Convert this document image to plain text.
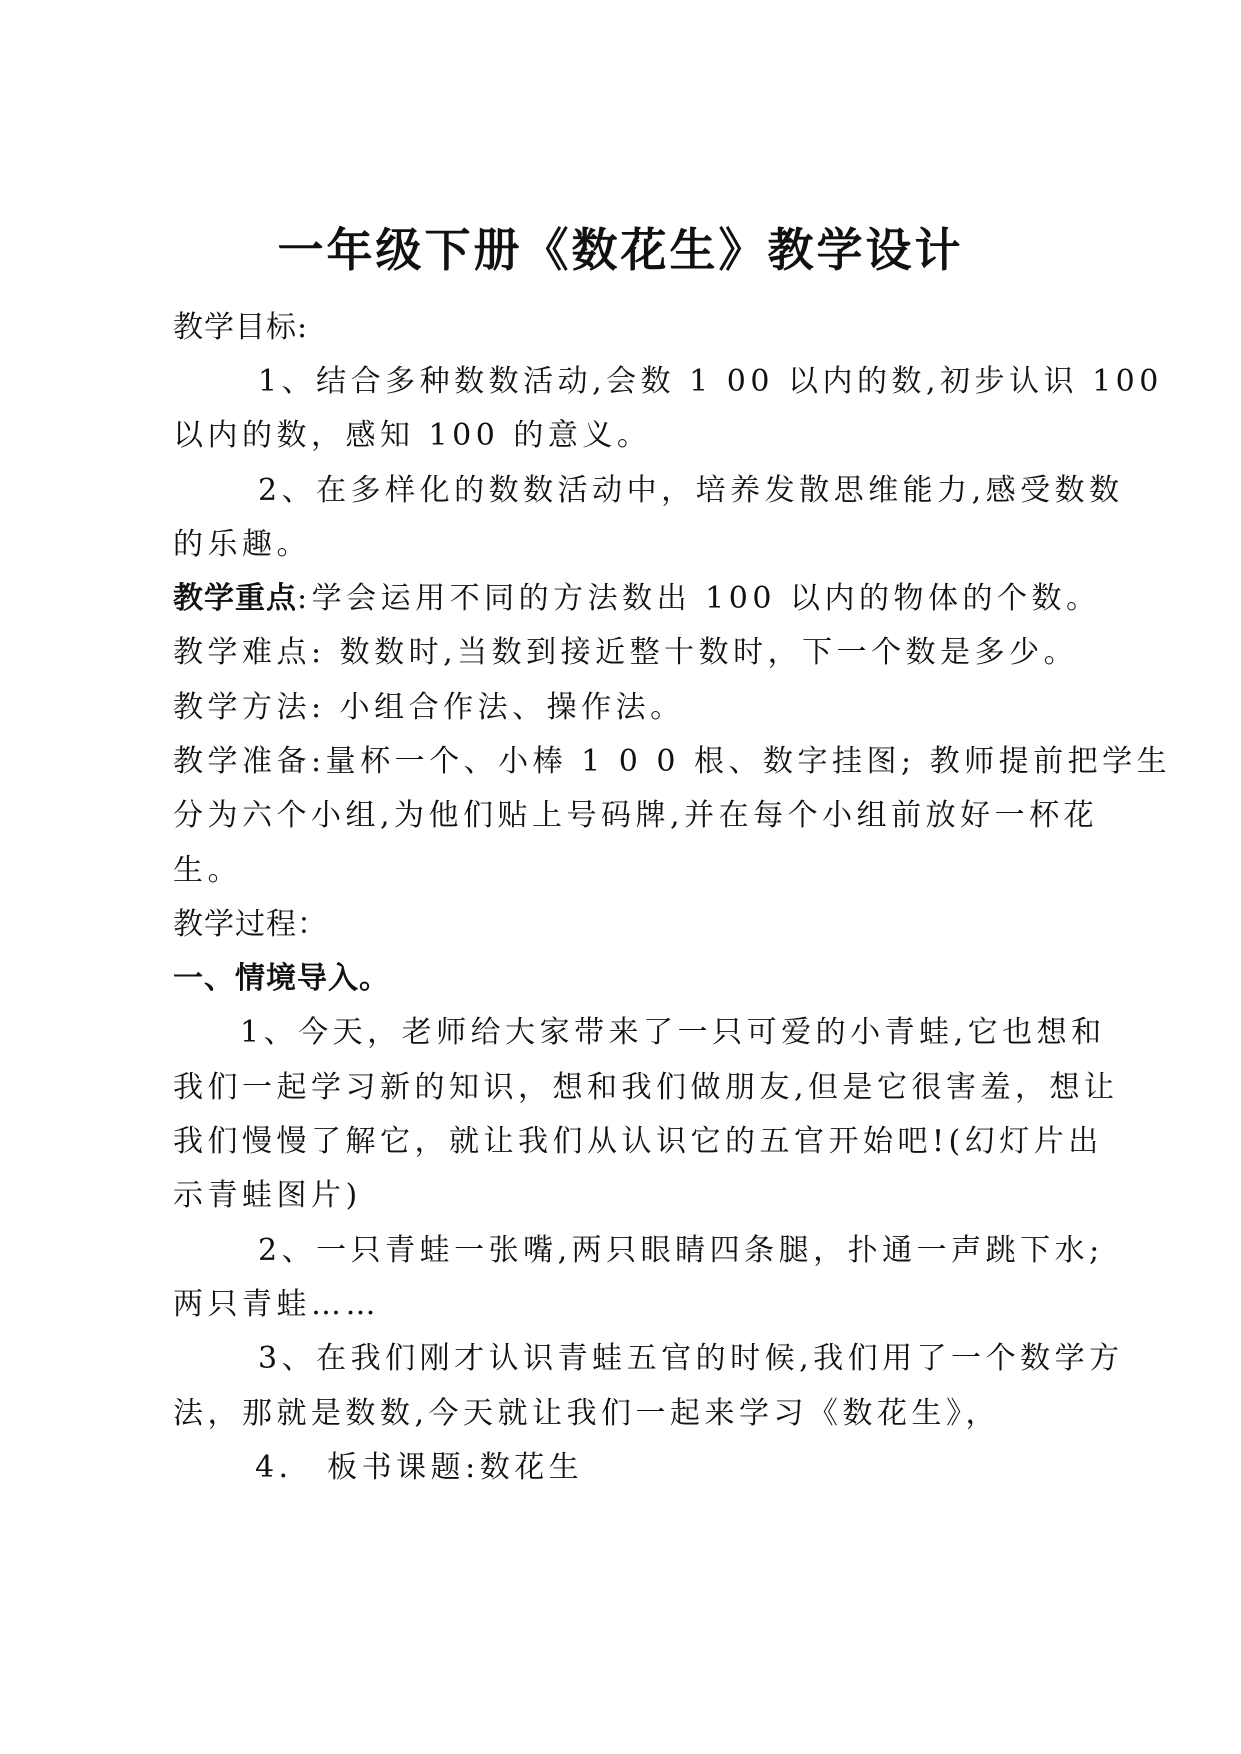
一年级下册《数花生》教学设计

教学目标:

1、结合多种数数活动,会数 1 00 以内的数,初步认识 100

以内的数，感知 100 的意义。

2、在多样化的数数活动中，培养发散思维能力,感受数数

的乐趣。

教学重点:学会运用不同的方法数出 100 以内的物体的个数。

教学难点: 数数时,当数到接近整十数时，下一个数是多少。

教学方法: 小组合作法、操作法。

教学准备:量杯一个、小棒 1 0 0 根、数字挂图; 教师提前把学生

分为六个小组,为他们贴上号码牌,并在每个小组前放好一杯花

生。

教学过程：

一、情境导入。

1、今天，老师给大家带来了一只可爱的小青蛙,它也想和

我们一起学习新的知识，想和我们做朋友,但是它很害羞，想让

我们慢慢了解它，就让我们从认识它的五官开始吧!(幻灯片出

示青蛙图片)

2、一只青蛙一张嘴,两只眼睛四条腿，扑通一声跳下水;

两只青蛙……

3、在我们刚才认识青蛙五官的时候,我们用了一个数学方

法，那就是数数,今天就让我们一起来学习《数花生》，

4． 板书课题:数花生
